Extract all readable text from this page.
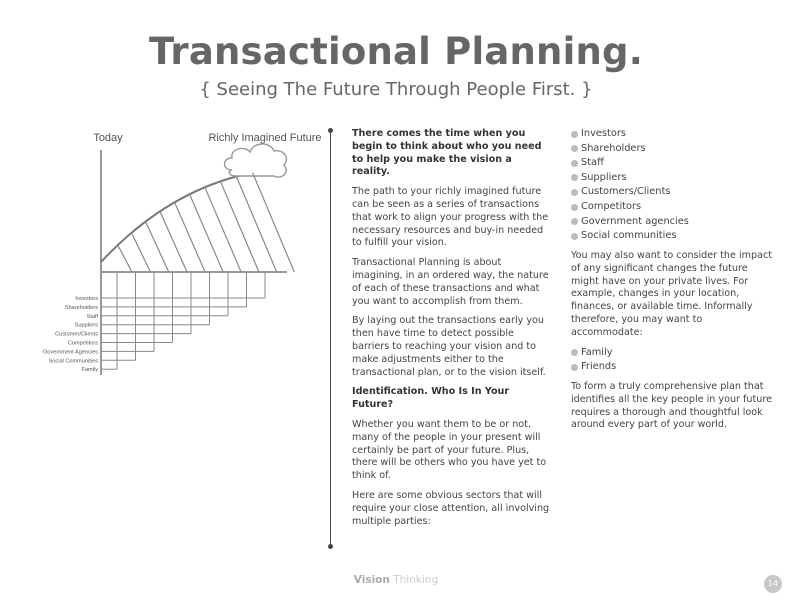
Transactional Planning.
{ Seeing The Future Through People First. }
Investors
Shareholders
Staff
Suppliers
Customer/Clients
Competitors
Government Agencies
Social Communities
Family
Today	Richly Imagined Future	There comes the time when you begin to think about who you need to help you make the vision a reality.

The path to your richly imagined future can be seen as a series of transactions that work to align your progress with the necessary resources and buy-in needed to fulfill your vision.

Transactional Planning is about imagining, in an ordered way, the nature of each of these transactions and what you want to accomplish from them.

By laying out the transactions early you then have time to detect possible barriers to reaching your vision and to make adjustments either to the transactional plan, or to the vision itself.

Identification. Who Is In Your Future?

Whether you want them to be or not, many of the people in your present will certainly be part of your future. Plus, there will be others who you have yet to think of.

Here are some obvious sectors that will require your close attention, all involving multiple parties:

Investors
Shareholders
Staff
Suppliers
Customers/Clients
Competitors
Government agencies
Social communities

You may also want to consider the impact of any significant changes the future might have on your private lives. For example, changes in your location, finances, or available time. Informally therefore, you may want to accommodate:

Family
Friends

To form a truly comprehensive plan that identifies all the key people in your future requires a thorough and thoughtful look around every part of your world.

Vision Thinking	14
